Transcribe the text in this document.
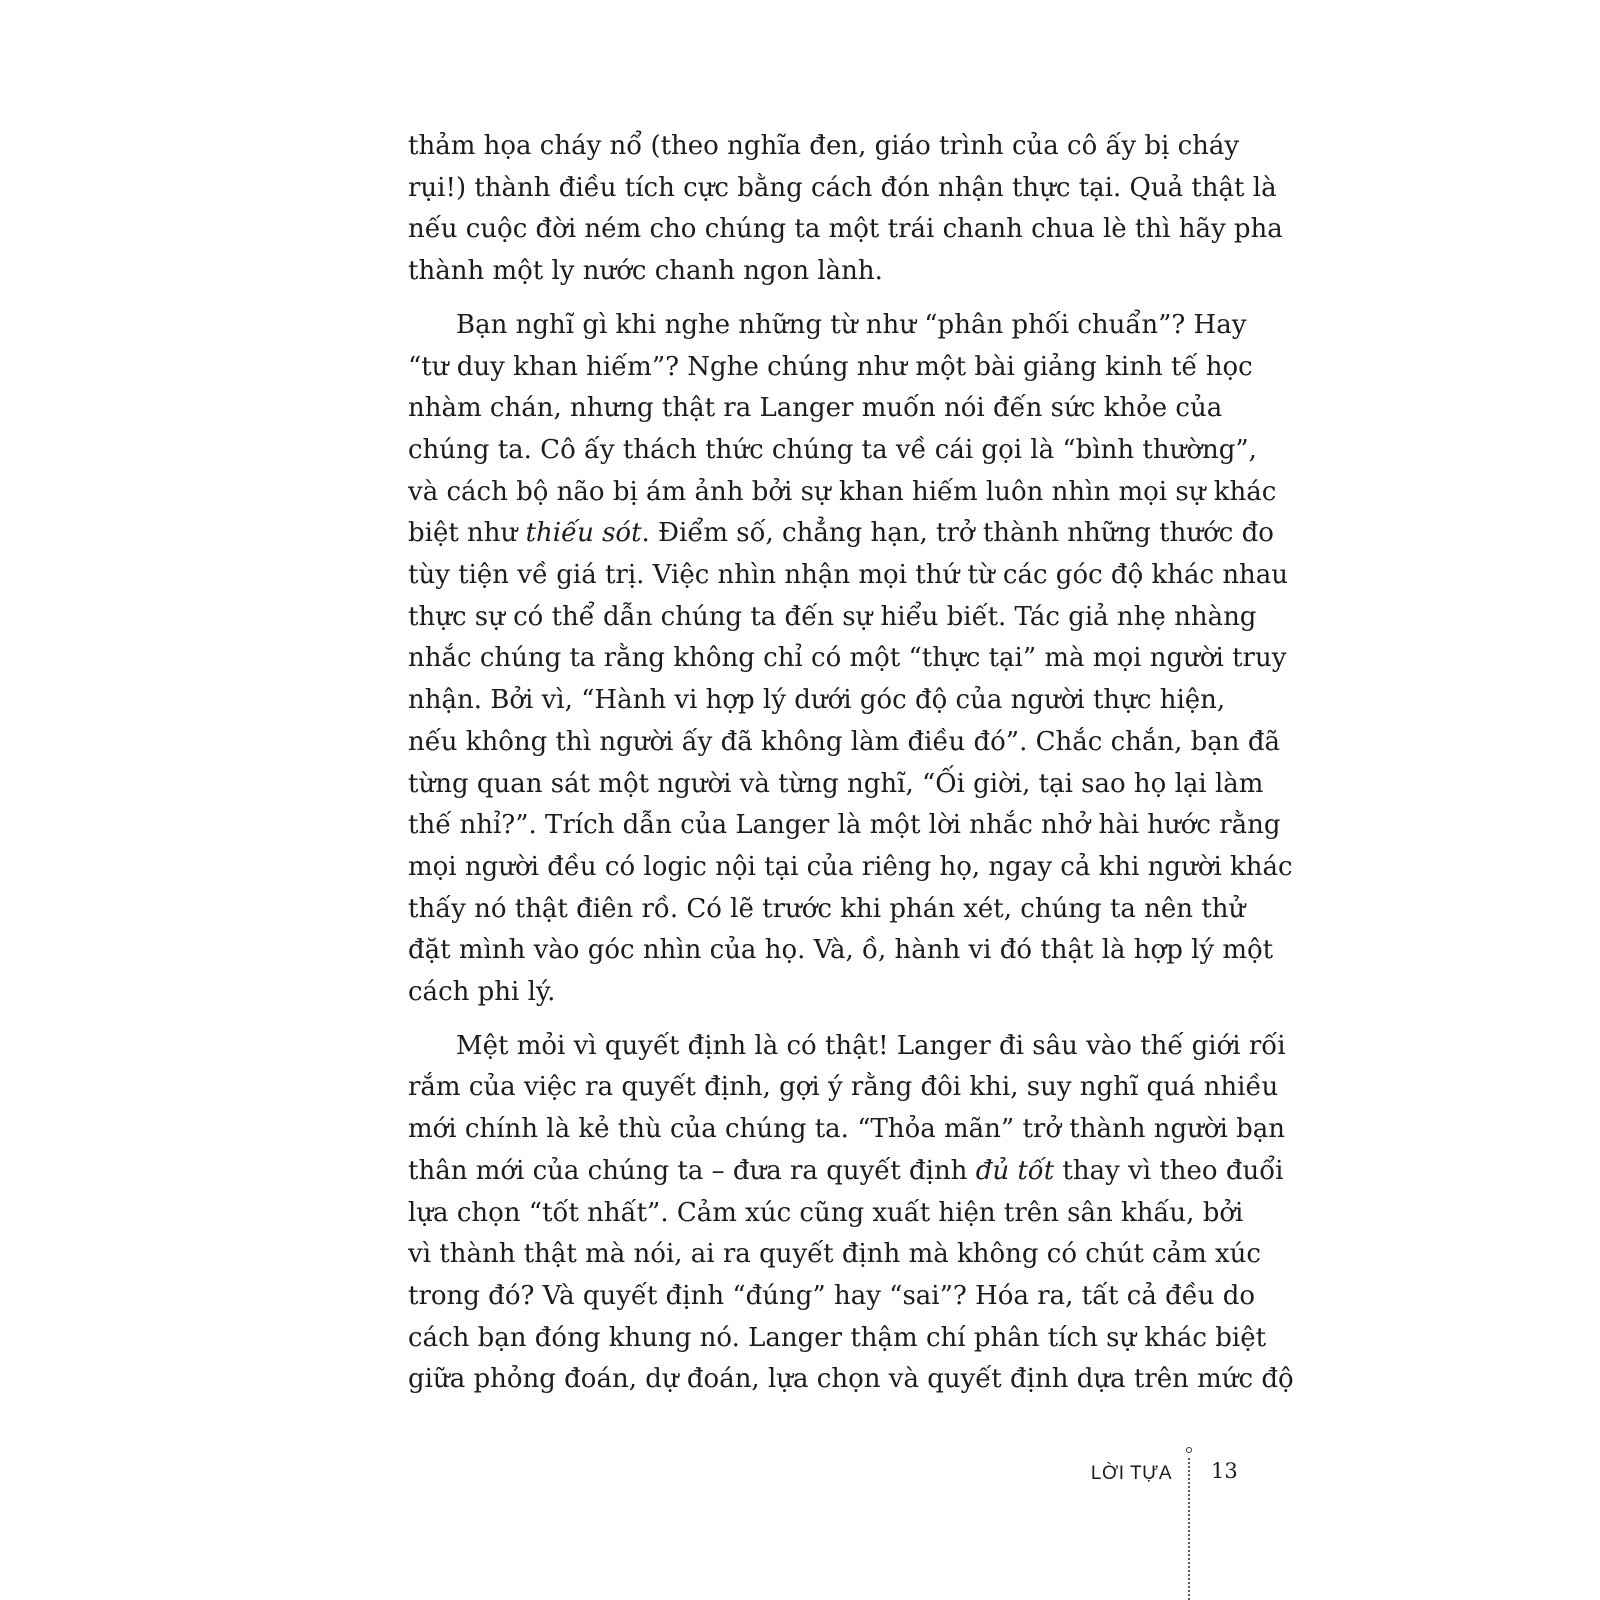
thảm họa cháy nổ (theo nghĩa đen, giáo trình của cô ấy bị cháy
rụi!) thành điều tích cực bằng cách đón nhận thực tại. Quả thật là
nếu cuộc đời ném cho chúng ta một trái chanh chua lè thì hãy pha
thành một ly nước chanh ngon lành.
Bạn nghĩ gì khi nghe những từ như “phân phối chuẩn”? Hay
“tư duy khan hiếm”? Nghe chúng như một bài giảng kinh tế học
nhàm chán, nhưng thật ra Langer muốn nói đến sức khỏe của
chúng ta. Cô ấy thách thức chúng ta về cái gọi là “bình thường”,
và cách bộ não bị ám ảnh bởi sự khan hiếm luôn nhìn mọi sự khác
biệt như thiếu sót. Điểm số, chẳng hạn, trở thành những thước đo
tùy tiện về giá trị. Việc nhìn nhận mọi thứ từ các góc độ khác nhau
thực sự có thể dẫn chúng ta đến sự hiểu biết. Tác giả nhẹ nhàng
nhắc chúng ta rằng không chỉ có một “thực tại” mà mọi người truy
nhận. Bởi vì, “Hành vi hợp lý dưới góc độ của người thực hiện,
nếu không thì người ấy đã không làm điều đó”. Chắc chắn, bạn đã
từng quan sát một người và từng nghĩ, “Ối giời, tại sao họ lại làm
thế nhỉ?”. Trích dẫn của Langer là một lời nhắc nhở hài hước rằng
mọi người đều có logic nội tại của riêng họ, ngay cả khi người khác
thấy nó thật điên rồ. Có lẽ trước khi phán xét, chúng ta nên thử
đặt mình vào góc nhìn của họ. Và, ồ, hành vi đó thật là hợp lý một
cách phi lý.
Mệt mỏi vì quyết định là có thật! Langer đi sâu vào thế giới rối
rắm của việc ra quyết định, gợi ý rằng đôi khi, suy nghĩ quá nhiều
mới chính là kẻ thù của chúng ta. “Thỏa mãn” trở thành người bạn
thân mới của chúng ta – đưa ra quyết định đủ tốt thay vì theo đuổi
lựa chọn “tốt nhất”. Cảm xúc cũng xuất hiện trên sân khấu, bởi
vì thành thật mà nói, ai ra quyết định mà không có chút cảm xúc
trong đó? Và quyết định “đúng” hay “sai”? Hóa ra, tất cả đều do
cách bạn đóng khung nó. Langer thậm chí phân tích sự khác biệt
giữa phỏng đoán, dự đoán, lựa chọn và quyết định dựa trên mức độ
LỜI TỰA 13
